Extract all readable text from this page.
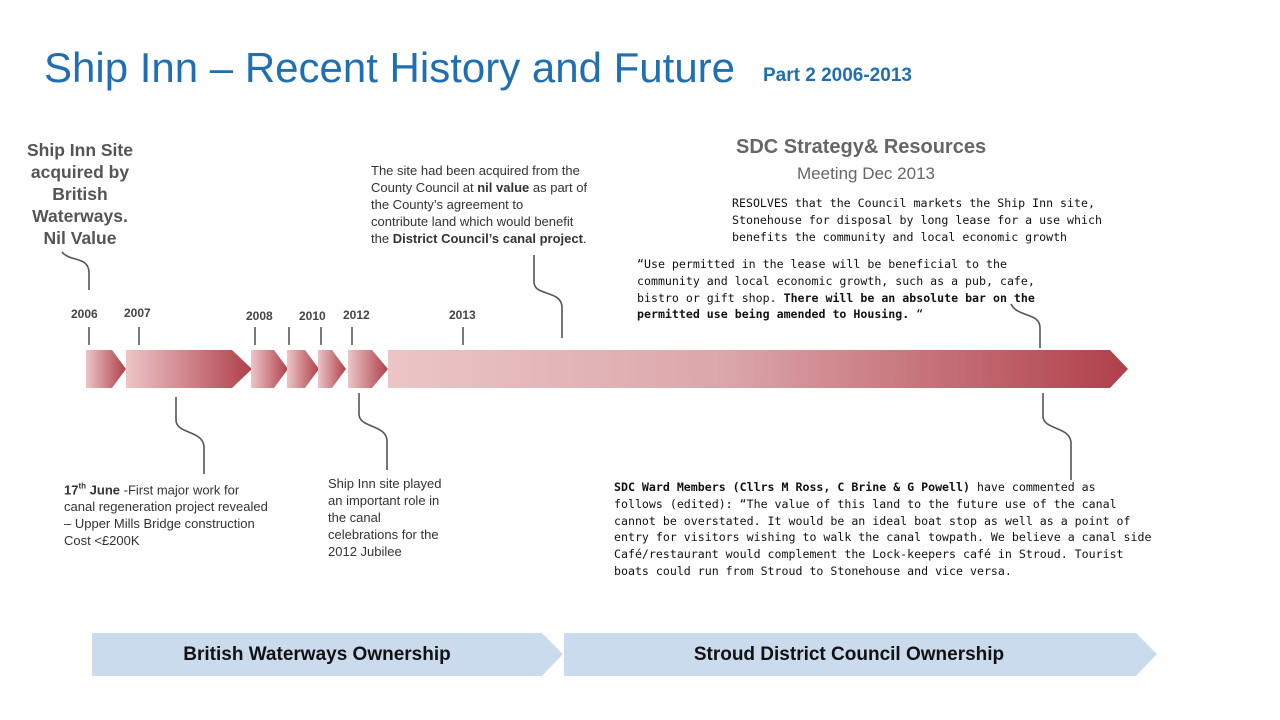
Ship Inn – Recent History and Future Part 2 2006-2013
Ship Inn Site
acquired by
British
Waterways.
Nil Value
2006 2007	2008 2010 2012	2013
The site had been acquired from the
County Council at nil value as part of
the County’s agreement to
contribute land which would benefit
the District Council’s canal project.
SDC Strategy& Resources
Meeting Dec 2013
RESOLVES that the Council markets the Ship Inn site,
Stonehouse for disposal by long lease for a use which
benefits the community and local economic growth
“Use permitted in the lease will be beneficial to the
community and local economic growth, such as a pub, cafe,
bistro or gift shop. There will be an absolute bar on the
permitted use being amended to Housing. “
17th June -First major work for
canal regeneration project revealed
– Upper Mills Bridge construction
Cost <£200K
Ship Inn site played
an important role in
the canal
celebrations for the
2012 Jubilee
SDC Ward Members (Cllrs M Ross, C Brine & G Powell) have commented as
follows (edited): “The value of this land to the future use of the canal
cannot be overstated. It would be an ideal boat stop as well as a point of
entry for visitors wishing to walk the canal towpath. We believe a canal side
Café/restaurant would complement the Lock-keepers café in Stroud. Tourist
boats could run from Stroud to Stonehouse and vice versa.
British Waterways Ownership	Stroud District Council Ownership
